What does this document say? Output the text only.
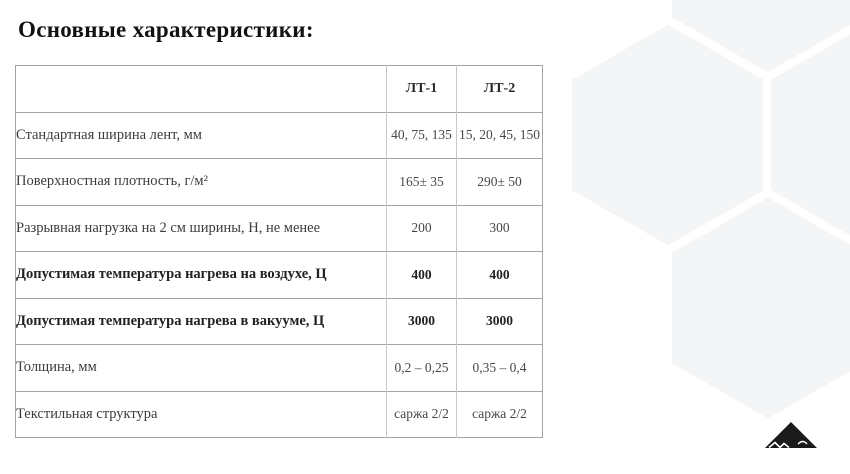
Основные характеристики:
	ЛТ-1	ЛТ-2
Стандартная ширина лент, мм	40, 75, 135	15, 20, 45, 150
Поверхностная плотность, г/м²	165± 35	290± 50
Разрывная нагрузка на 2 см ширины, Н, не менее	200	300
Допустимая температура нагрева на воздухе, Ц	400	400
Допустимая температура нагрева в вакууме, Ц	3000	3000
Толщина, мм	0,2 – 0,25	0,35 – 0,4
Текстильная структура	саржа 2/2	саржа 2/2
